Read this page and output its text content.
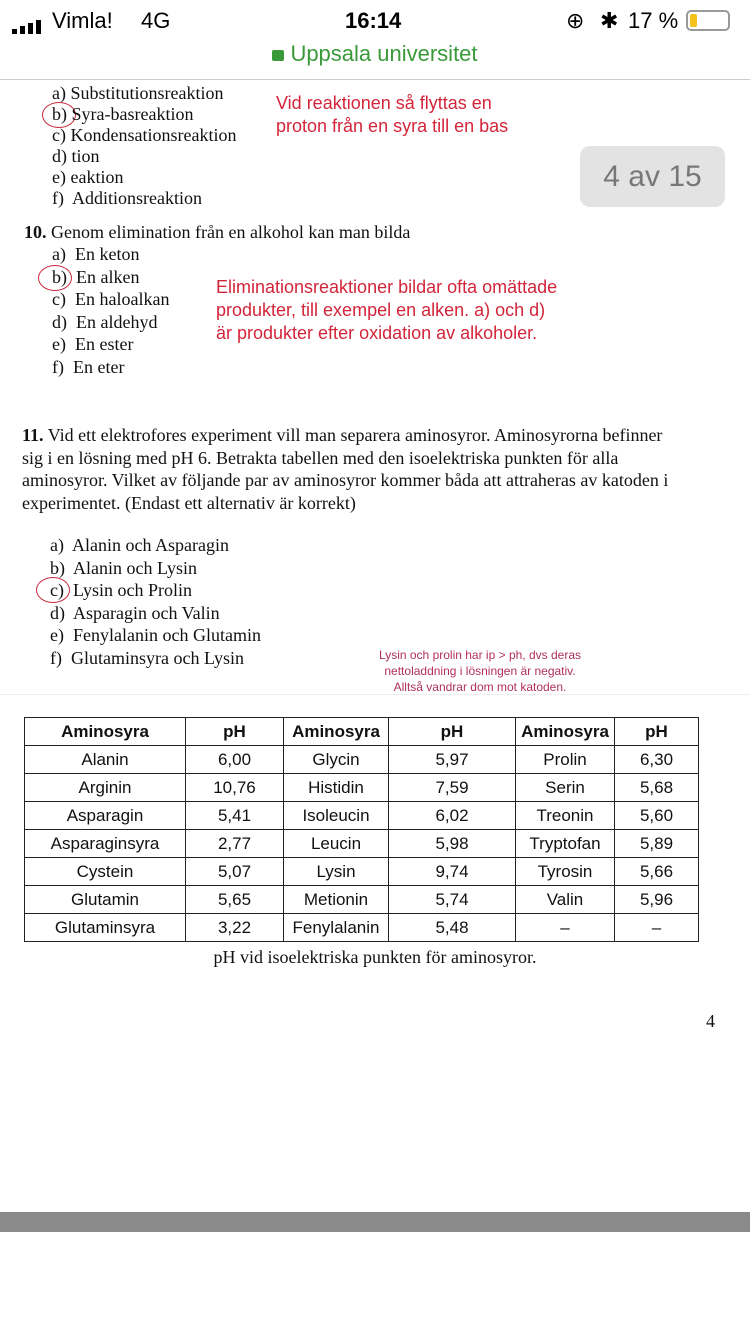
Vimla! 4G	16:14	⊕ ✱ 17 %
Uppsala universitet
4 av 15
a) Substitutionsreaktion
b) Syra-basreaktion
c) Kondensationsreaktion
d) tion
e) eaktion
f) Additionsreaktion
Vid reaktionen så flyttas en
proton från en syra till en bas
10. Genom elimination från en alkohol kan man bilda
a) En keton
b) En alken
c) En haloalkan
d) En aldehyd
e) En ester
f) En eter
Eliminationsreaktioner bildar ofta omättade
produkter, till exempel en alken. a) och d)
är produkter efter oxidation av alkoholer.
11. Vid ett elektrofores experiment vill man separera aminosyror. Aminosyrorna befinner
sig i en lösning med pH 6. Betrakta tabellen med den isoelektriska punkten för alla
aminosyror. Vilket av följande par av aminosyror kommer båda att attraheras av katoden i
experimentet. (Endast ett alternativ är korrekt)
a) Alanin och Asparagin
b) Alanin och Lysin
c) Lysin och Prolin
d) Asparagin och Valin
e) Fenylalanin och Glutamin
f) Glutaminsyra och Lysin	Lysin och prolin har ip > ph, dvs deras
nettoladdning i lösningen är negativ.
Alltså vandrar dom mot katoden.
Aminosyra	pH	Aminosyra	pH	Aminosyra	pH
Alanin	6,00	Glycin	5,97	Prolin	6,30
Arginin	10,76	Histidin	7,59	Serin	5,68
Asparagin	5,41	Isoleucin	6,02	Treonin	5,60
Asparaginsyra	2,77	Leucin	5,98	Tryptofan	5,89
Cystein	5,07	Lysin	9,74	Tyrosin	5,66
Glutamin	5,65	Metionin	5,74	Valin	5,96
Glutaminsyra	3,22	Fenylalanin	5,48	–	–
pH vid isoelektriska punkten för aminosyror.
4
